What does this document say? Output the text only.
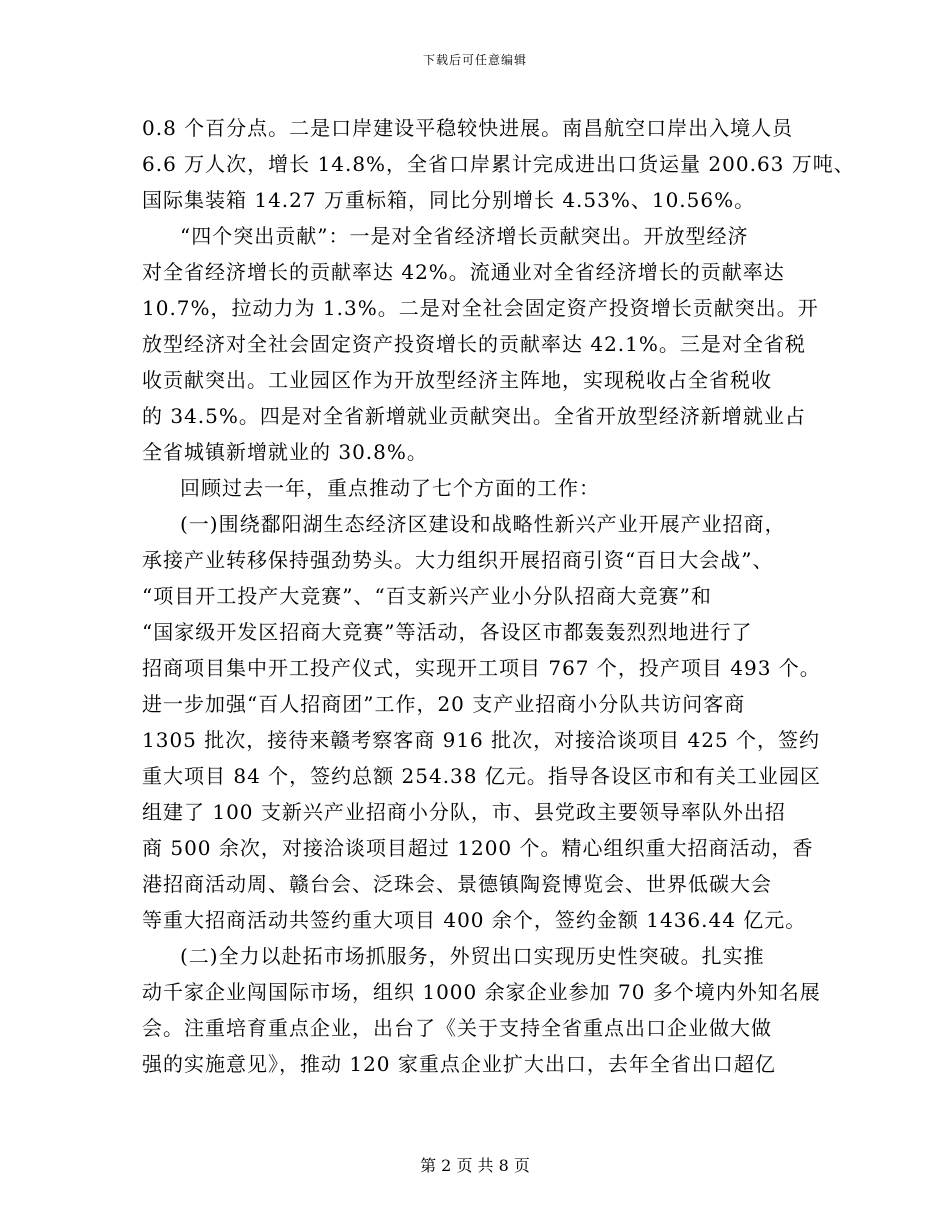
下载后可任意编辑
0.8 个百分点。二是口岸建设平稳较快进展。南昌航空口岸出入境人员
6.6 万人次，增长 14.8%，全省口岸累计完成进出口货运量 200.63 万吨、
国际集装箱 14.27 万重标箱，同比分别增长 4.53%、10.56%。
“四个突出贡献”：一是对全省经济增长贡献突出。开放型经济
对全省经济增长的贡献率达 42%。流通业对全省经济增长的贡献率达
10.7%，拉动力为 1.3%。二是对全社会固定资产投资增长贡献突出。开
放型经济对全社会固定资产投资增长的贡献率达 42.1%。三是对全省税
收贡献突出。工业园区作为开放型经济主阵地，实现税收占全省税收
的 34.5%。四是对全省新增就业贡献突出。全省开放型经济新增就业占
全省城镇新增就业的 30.8%。
回顾过去一年，重点推动了七个方面的工作：
(一)围绕鄱阳湖生态经济区建设和战略性新兴产业开展产业招商，
承接产业转移保持强劲势头。大力组织开展招商引资“百日大会战”、
“项目开工投产大竞赛”、“百支新兴产业小分队招商大竞赛”和
“国家级开发区招商大竞赛”等活动，各设区市都轰轰烈烈地进行了
招商项目集中开工投产仪式，实现开工项目 767 个，投产项目 493 个。
进一步加强“百人招商团”工作，20 支产业招商小分队共访问客商
1305 批次，接待来赣考察客商 916 批次，对接洽谈项目 425 个，签约
重大项目 84 个，签约总额 254.38 亿元。指导各设区市和有关工业园区
组建了 100 支新兴产业招商小分队，市、县党政主要领导率队外出招
商 500 余次，对接洽谈项目超过 1200 个。精心组织重大招商活动，香
港招商活动周、赣台会、泛珠会、景德镇陶瓷博览会、世界低碳大会
等重大招商活动共签约重大项目 400 余个，签约金额 1436.44 亿元。
(二)全力以赴拓市场抓服务，外贸出口实现历史性突破。扎实推
动千家企业闯国际市场，组织 1000 余家企业参加 70 多个境内外知名展
会。注重培育重点企业，出台了《关于支持全省重点出口企业做大做
强的实施意见》，推动 120 家重点企业扩大出口，去年全省出口超亿
第 2 页 共 8 页
